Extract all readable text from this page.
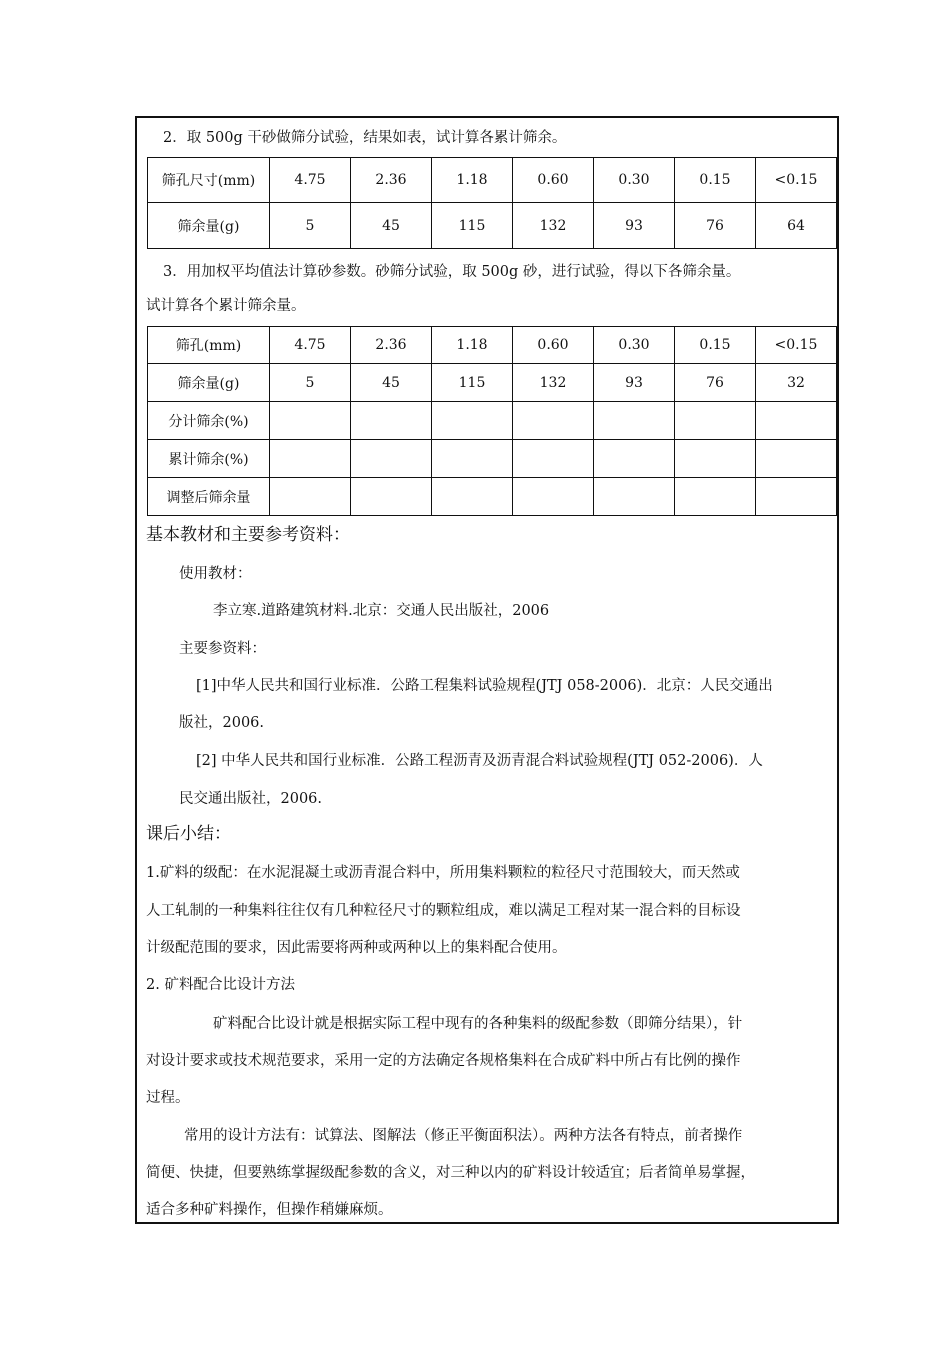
2．取 500g 干砂做筛分试验，结果如表，试计算各累计筛余。
筛孔尺寸(mm)	4.75	2.36	1.18	0.60	0.30	0.15	<0.15
筛余量(g)	5	45	115	132	93	76	64
3．用加权平均值法计算砂参数。砂筛分试验，取 500g 砂，进行试验，得以下各筛余量。
试计算各个累计筛余量。
筛孔(mm)	4.75	2.36	1.18	0.60	0.30	0.15	<0.15
筛余量(g)	5	45	115	132	93	76	32
分计筛余(%)							
累计筛余(%)							
调整后筛余量							
基本教材和主要参考资料：
使用教材：
李立寒.道路建筑材料.北京：交通人民出版社，2006
主要参资料：
[1]中华人民共和国行业标准．公路工程集料试验规程(JTJ 058-2006)．北京：人民交通出
版社，2006.
[2] 中华人民共和国行业标准．公路工程沥青及沥青混合料试验规程(JTJ 052-2006)．人
民交通出版社，2006.
课后小结：
1.矿料的级配：在水泥混凝土或沥青混合料中，所用集料颗粒的粒径尺寸范围较大，而天然或
人工轧制的一种集料往往仅有几种粒径尺寸的颗粒组成，难以满足工程对某一混合料的目标设
计级配范围的要求，因此需要将两种或两种以上的集料配合使用。
2. 矿料配合比设计方法
矿料配合比设计就是根据实际工程中现有的各种集料的级配参数（即筛分结果），针
对设计要求或技术规范要求，采用一定的方法确定各规格集料在合成矿料中所占有比例的操作
过程。
常用的设计方法有：试算法、图解法（修正平衡面积法）。两种方法各有特点，前者操作
简便、快捷，但要熟练掌握级配参数的含义，对三种以内的矿料设计较适宜；后者简单易掌握，
适合多种矿料操作，但操作稍嫌麻烦。
